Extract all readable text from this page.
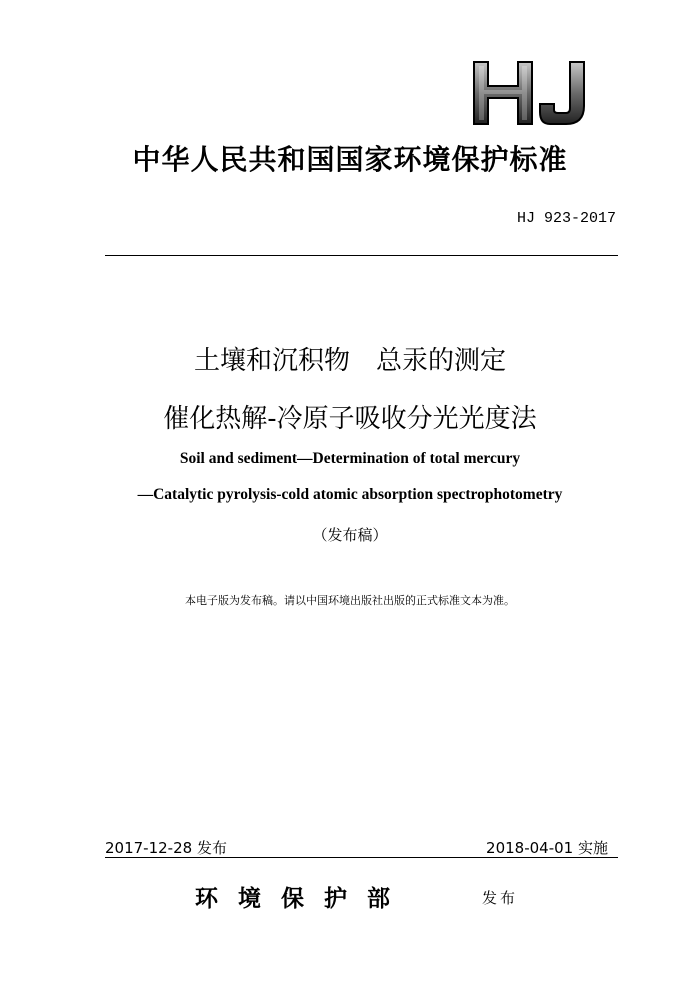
中华人民共和国国家环境保护标准
HJ 923-2017
土壤和沉积物　总汞的测定
催化热解-冷原子吸收分光光度法
Soil and sediment—Determination of total mercury
—Catalytic pyrolysis-cold atomic absorption spectrophotometry
（发布稿）
本电子版为发布稿。请以中国环境出版社出版的正式标准文本为准。
2017-12-28 发布	2018-04-01 实施
环境保护部	发布
